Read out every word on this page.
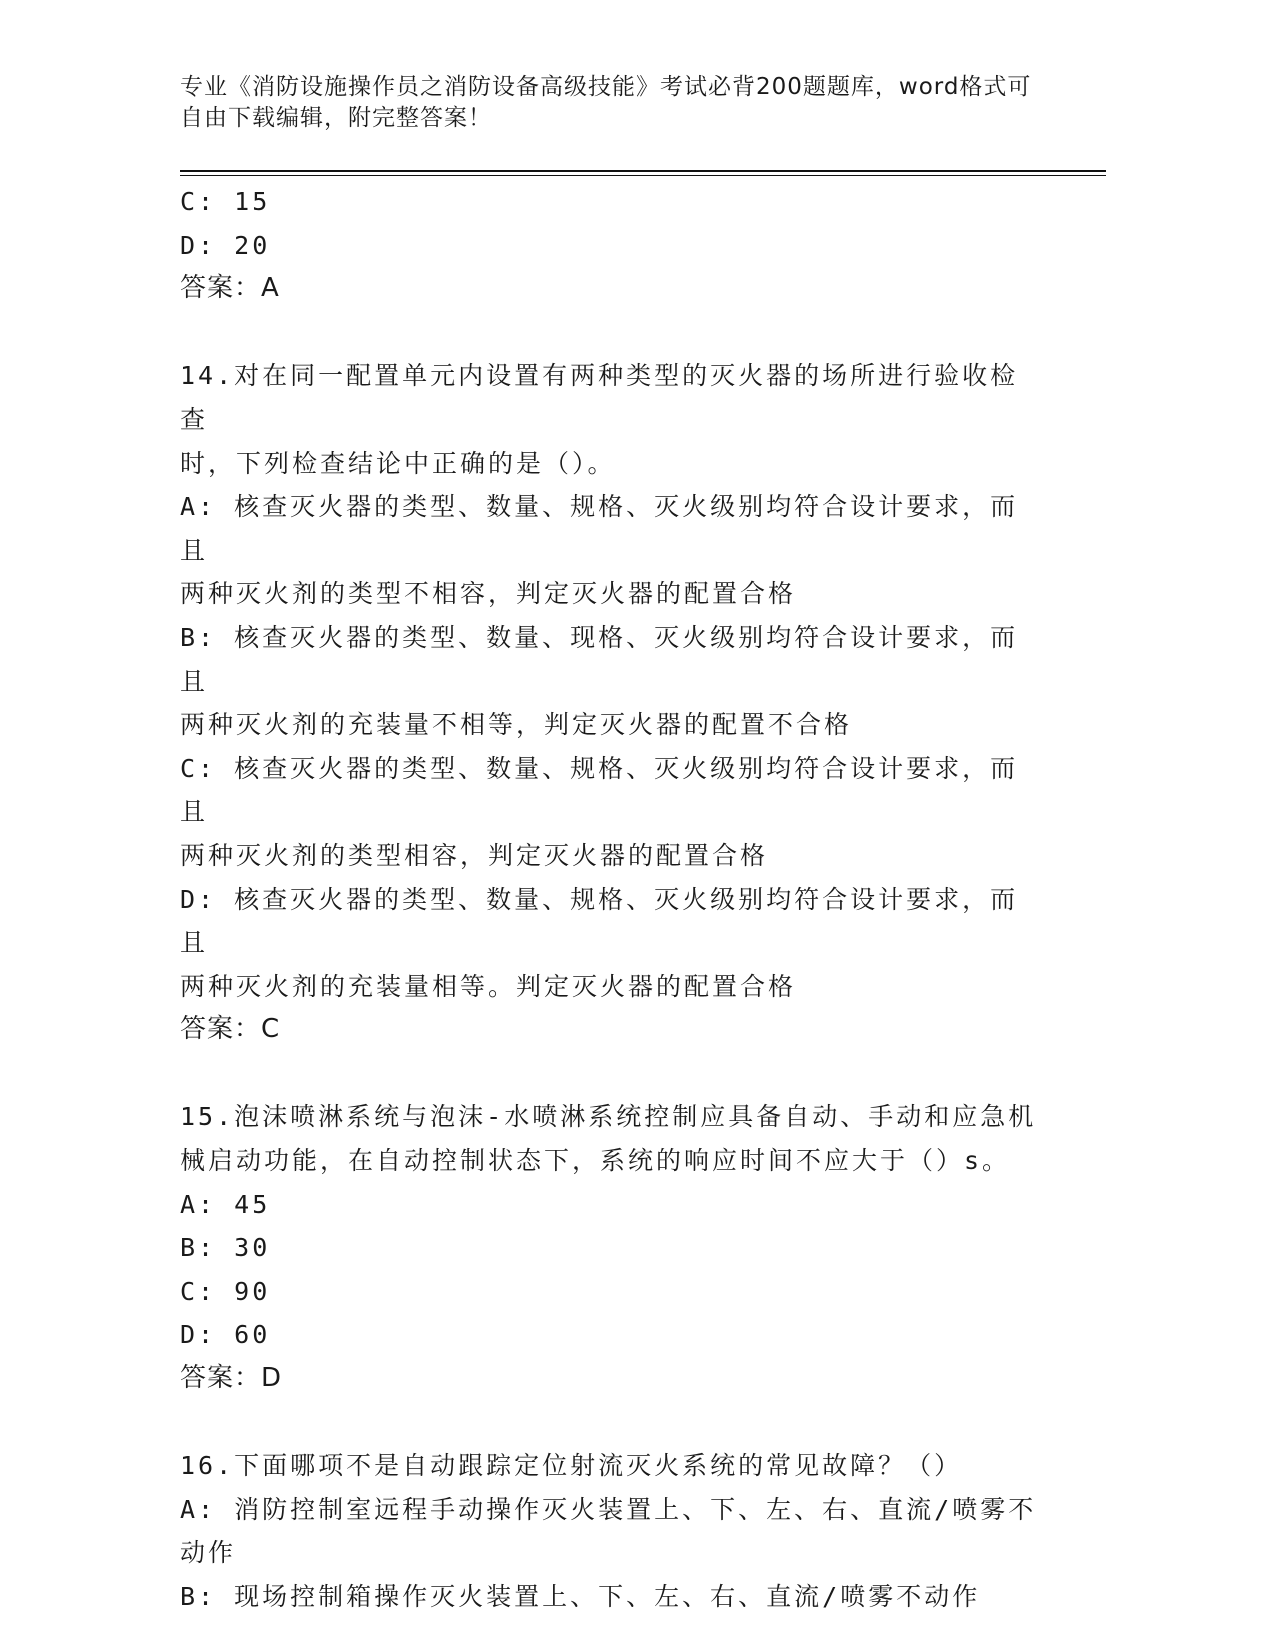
专业《消防设施操作员之消防设备高级技能》考试必背200题题库，word格式可
自由下载编辑，附完整答案！
C: 15
D: 20
答案：A
14.对在同一配置单元内设置有两种类型的灭火器的场所进行验收检查
时，下列检查结论中正确的是（）。
A: 核查灭火器的类型、数量、规格、灭火级别均符合设计要求，而且
两种灭火剂的类型不相容，判定灭火器的配置合格
B: 核查灭火器的类型、数量、现格、灭火级别均符合设计要求，而且
两种灭火剂的充装量不相等，判定灭火器的配置不合格
C: 核查灭火器的类型、数量、规格、灭火级别均符合设计要求，而且
两种灭火剂的类型相容，判定灭火器的配置合格
D: 核查灭火器的类型、数量、规格、灭火级别均符合设计要求，而且
两种灭火剂的充装量相等。判定灭火器的配置合格
答案：C
15.泡沫喷淋系统与泡沫-水喷淋系统控制应具备自动、手动和应急机
械启动功能，在自动控制状态下，系统的响应时间不应大于（）s。
A: 45
B: 30
C: 90
D: 60
答案：D
16.下面哪项不是自动跟踪定位射流灭火系统的常见故障？（）
A: 消防控制室远程手动操作灭火装置上、下、左、右、直流/喷雾不
动作
B: 现场控制箱操作灭火装置上、下、左、右、直流/喷雾不动作
